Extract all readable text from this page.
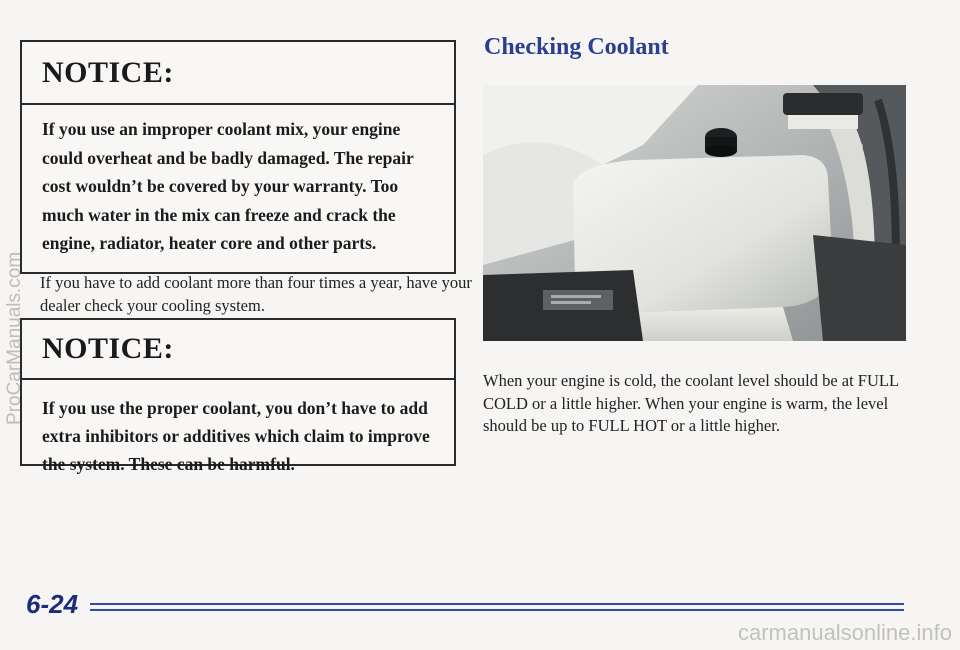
NOTICE:
If you use an improper coolant mix, your engine could overheat and be badly damaged. The repair cost wouldn’t be covered by your warranty. Too much water in the mix can freeze and crack the engine, radiator, heater core and other parts.
If you have to add coolant more than four times a year, have your dealer check your cooling system.
NOTICE:
If you use the proper coolant, you don’t have to add extra inhibitors or additives which claim to improve the system. These can be harmful.
Checking Coolant
When your engine is cold, the coolant level should be at FULL COLD or a little higher. When your engine is warm, the level should be up to FULL HOT or a little higher.
6-24
ProCarManuals.com
carmanualsonline.info
